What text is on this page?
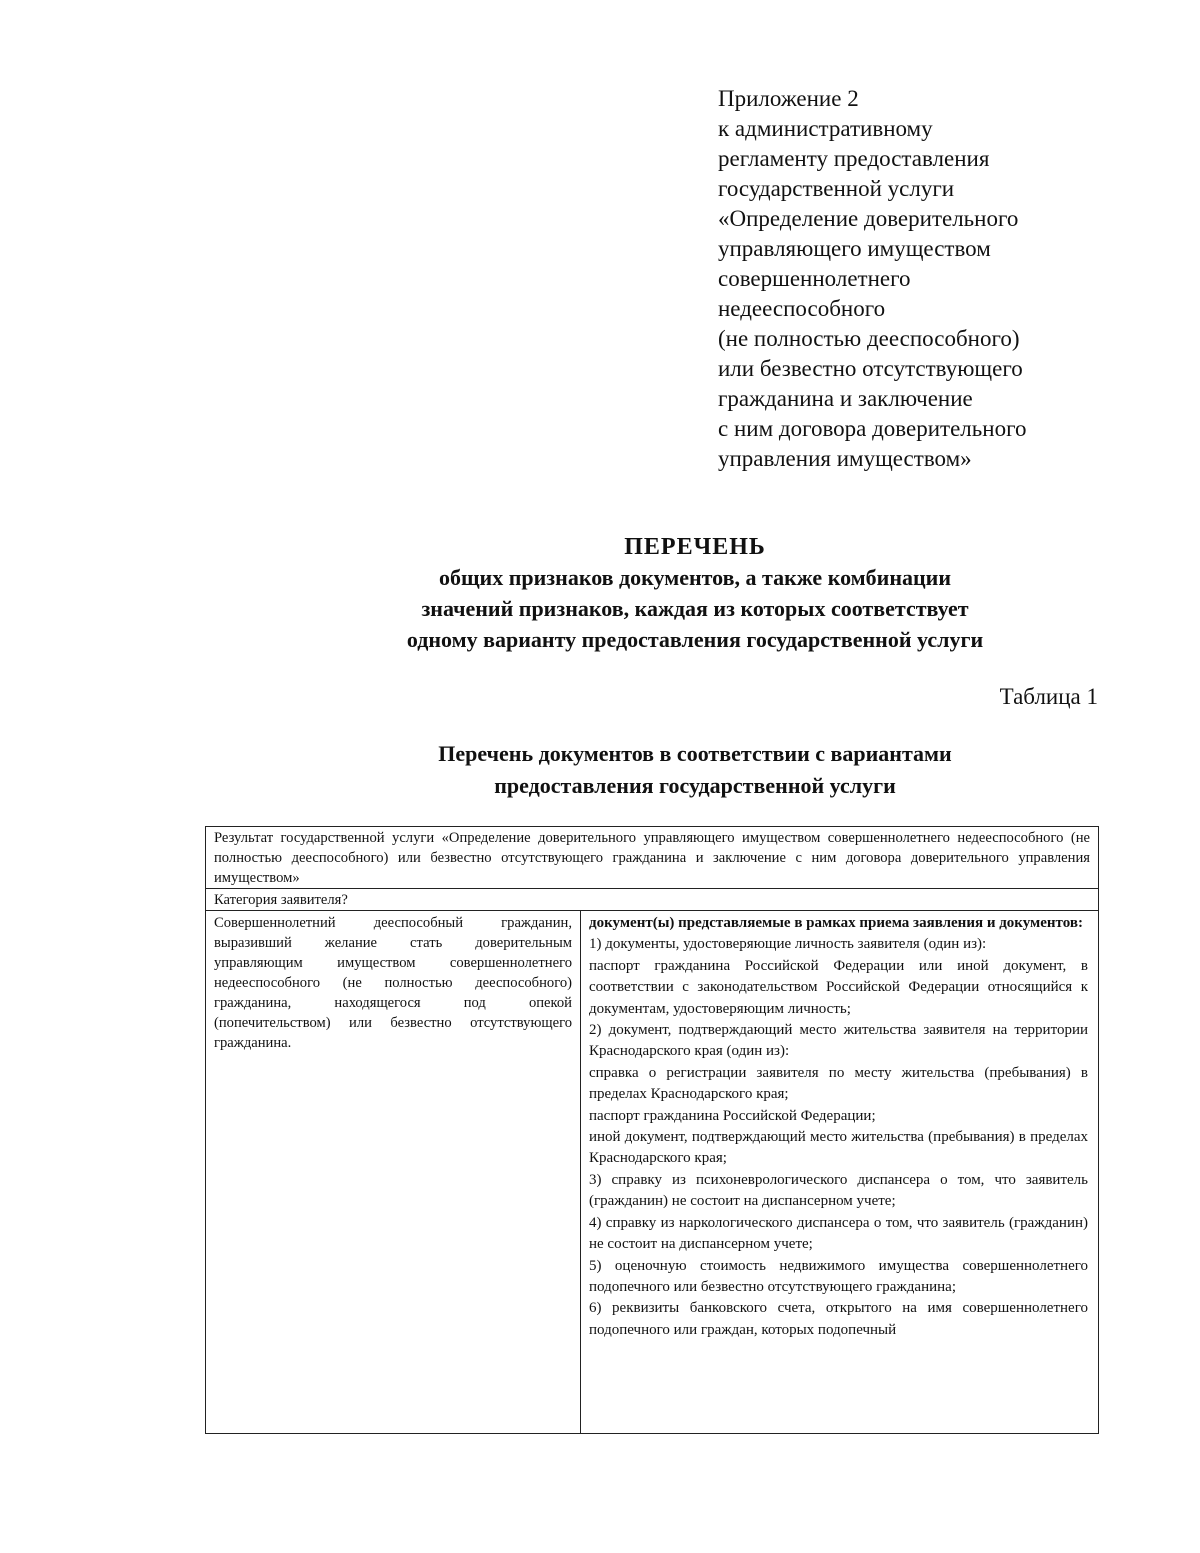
Приложение 2
к административному
регламенту предоставления
государственной услуги
«Определение доверительного
управляющего имуществом
совершеннолетнего
недееспособного
(не полностью дееспособного)
или безвестно отсутствующего
гражданина и заключение
с ним договора доверительного
управления имуществом»
ПЕРЕЧЕНЬ
общих признаков документов, а также комбинации
значений признаков, каждая из которых соответствует
одному варианту предоставления государственной услуги
Таблица 1
Перечень документов в соответствии с вариантами
предоставления государственной услуги
Результат государственной услуги «Определение доверительного управляющего имуществом совершеннолетнего недееспособного (не полностью дееспособного) или безвестно отсутствующего гражданина и заключение с ним договора доверительного управления имуществом»
Категория заявителя?
Совершеннолетний дееспособный гражданин, выразивший желание стать доверительным управляющим имуществом совершеннолетнего недееспособного (не полностью дееспособного) гражданина, находящегося под опекой (попечительством) или безвестно отсутствующего гражданина.
документ(ы) представляемые в рамках приема заявления и документов:
1) документы, удостоверяющие личность заявителя (один из):
паспорт гражданина Российской Федерации или иной документ, в соответствии с законодательством Российской Федерации относящийся к документам, удостоверяющим личность;
2) документ, подтверждающий место жительства заявителя на территории Краснодарского края (один из):
справка о регистрации заявителя по месту жительства (пребывания) в пределах Краснодарского края;
паспорт гражданина Российской Федерации;
иной документ, подтверждающий место жительства (пребывания) в пределах Краснодарского края;
3) справку из психоневрологического диспансера о том, что заявитель (гражданин) не состоит на диспансерном учете;
4) справку из наркологического диспансера о том, что заявитель (гражданин) не состоит на диспансерном учете;
5) оценочную стоимость недвижимого имущества совершеннолетнего подопечного или безвестно отсутствующего гражданина;
6) реквизиты банковского счета, открытого на имя совершеннолетнего подопечного или граждан, которых подопечный
